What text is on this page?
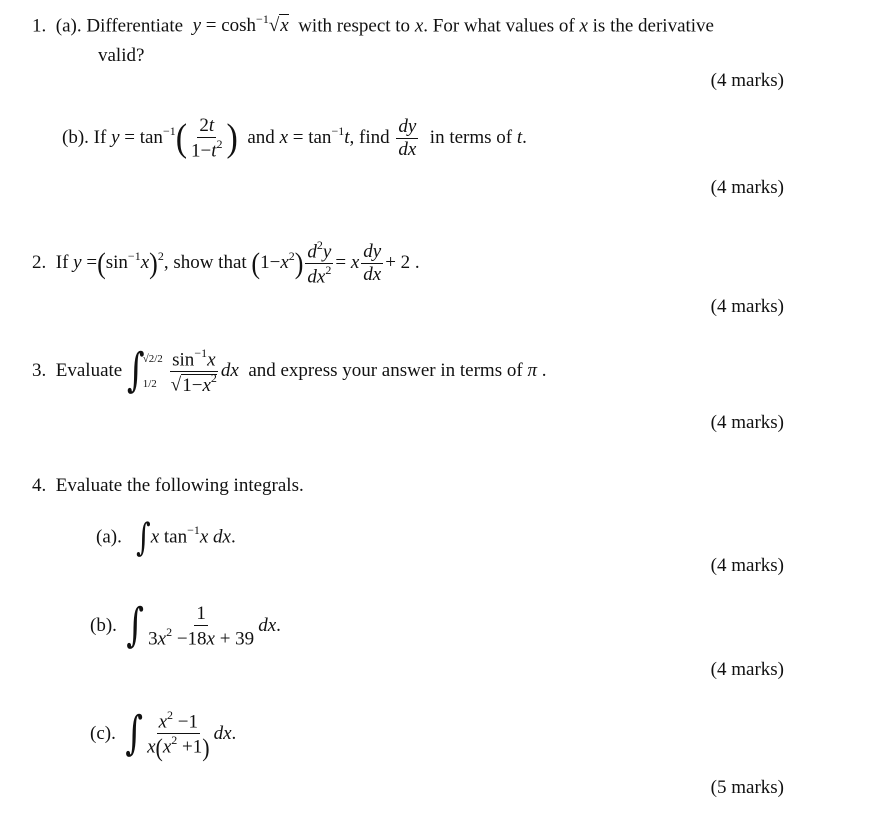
1. (a). Differentiate $y = \cosh^{-1}√x$ with respect to x. For what values of x is the derivative
valid?
(4 marks)
(b). If $y = \tan^{-1}( \frac{2t}{1-t^2}$ ) and $x = \tan^{-1}t$, find $\frac{dy}{dx}$ in terms of t.
(4 marks)
2. If $y =(\sin^{-1}x)^2$, show that $(1-x^2) \frac{d^2y}{dx^2} = x \frac{dy}{dx} + 2$ .
(4 marks)
3. Evaluate ∫
√2/2
$1/2 \frac{\sin^{-1}x}{√1-x^2}$ dx and express your answer in terms of π .
(4 marks)
4. Evaluate the following integrals.
(a). ∫x $\tan^{-1}x$ dx.
(4 marks)
(b). ∫ $\frac{1}{3x^2 -18x + 39}$ dx.
(4 marks)
(c). ∫ $\frac{x^2 -1}{x(x^2 +1)}$ dx.
(5 marks)
